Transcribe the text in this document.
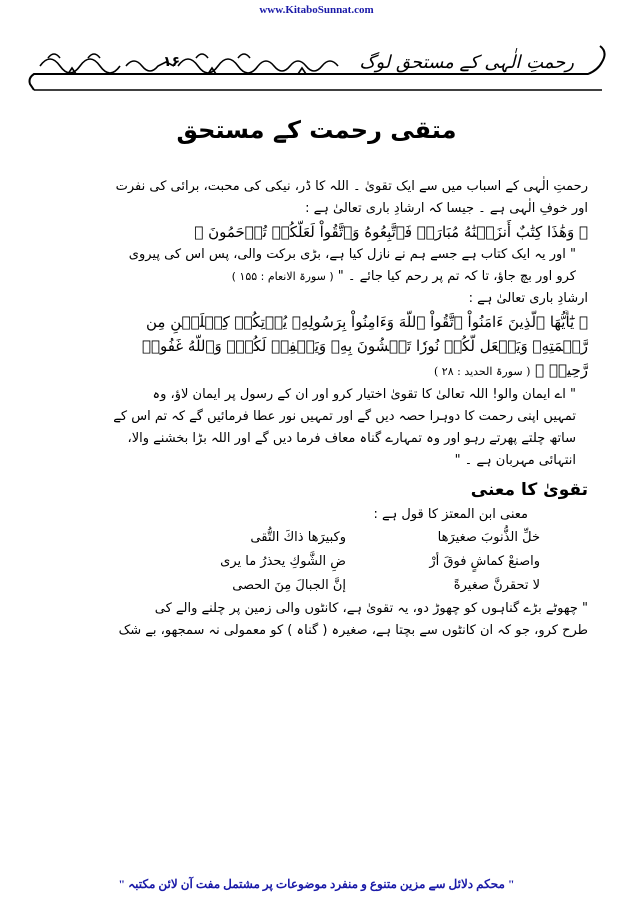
www.KitaboSunnat.com
رحمتِ الٰہی کے مستحق لوگ
۱۶
متقی رحمت کے مستحق
رحمتِ الٰہی کے اسباب میں سے ایک تقویٰ ۔ اللہ کا ڈر، نیکی کی محبت، برائی کی نفرت
اور خوفِ الٰہی ہے ۔ جیسا کہ ارشادِ باری تعالیٰ ہے :
﴿ وَهَٰذَا كِتَٰبٌ أَنزَلۡنَٰهُ مُبَارَكٞ فَٱتَّبِعُوهُ وَٱتَّقُواْ لَعَلَّكُمۡ تُرۡحَمُونَ ﴾
" اور یہ ایک کتاب ہے جسے ہم نے نازل کیا ہے، بڑی برکت والی، پس اس کی پیروی
کرو اور بچ جاؤ، تا کہ تم پر رحم کیا جائے ۔ " ( سورۃ الانعام : ۱۵۵ )
ارشادِ باری تعالیٰ ہے :
﴿ يَٰٓأَيُّهَا ٱلَّذِينَ ءَامَنُواْ ٱتَّقُواْ ٱللَّهَ وَءَامِنُواْ بِرَسُولِهِۦ يُؤۡتِكُمۡ كِفۡلَيۡنِ مِن
رَّحۡمَتِهِۦ وَيَجۡعَل لَّكُمۡ نُورٗا تَمۡشُونَ بِهِۦ وَيَغۡفِرۡ لَكُمۡۚ وَٱللَّهُ غَفُورٞ
رَّحِيمٞ ﴾ ( سورۃ الحدید : ۲۸ )
" اے ایمان والو! اللہ تعالیٰ کا تقویٰ اختیار کرو اور ان کے رسول پر ایمان لاؤ، وہ
تمہیں اپنی رحمت کا دوہرا حصہ دیں گے اور تمہیں نور عطا فرمائیں گے کہ تم اس کے
ساتھ چلتے پھرتے رہو اور وہ تمہارے گناہ معاف فرما دیں گے اور اللہ بڑا بخشنے والا،
انتہائی مہربان ہے ۔ "
تقویٰ کا معنی
معنی ابن المعتز کا قول ہے :
خلِّ الذُّنوبَ صغيرَها
وكبيرَها ذاكَ التُّقى
واصنعْ كماشٍ فوقَ أرْ
ضِ الشَّوكِ يحذرُ ما يرى
لا تحقرنَّ صغيرةً
إنَّ الجبالَ مِنَ الحصى
" چھوٹے بڑے گناہوں کو چھوڑ دو، یہ تقویٰ ہے، کانٹوں والی زمین پر چلنے والے کی
طرح کرو، جو کہ ان کانٹوں سے بچتا ہے، صغیرہ ( گناہ ) کو معمولی نہ سمجھو، بے شک
" محکم دلائل سے مزین متنوع و منفرد موضوعات پر مشتمل مفت آن لائن مکتبہ "
